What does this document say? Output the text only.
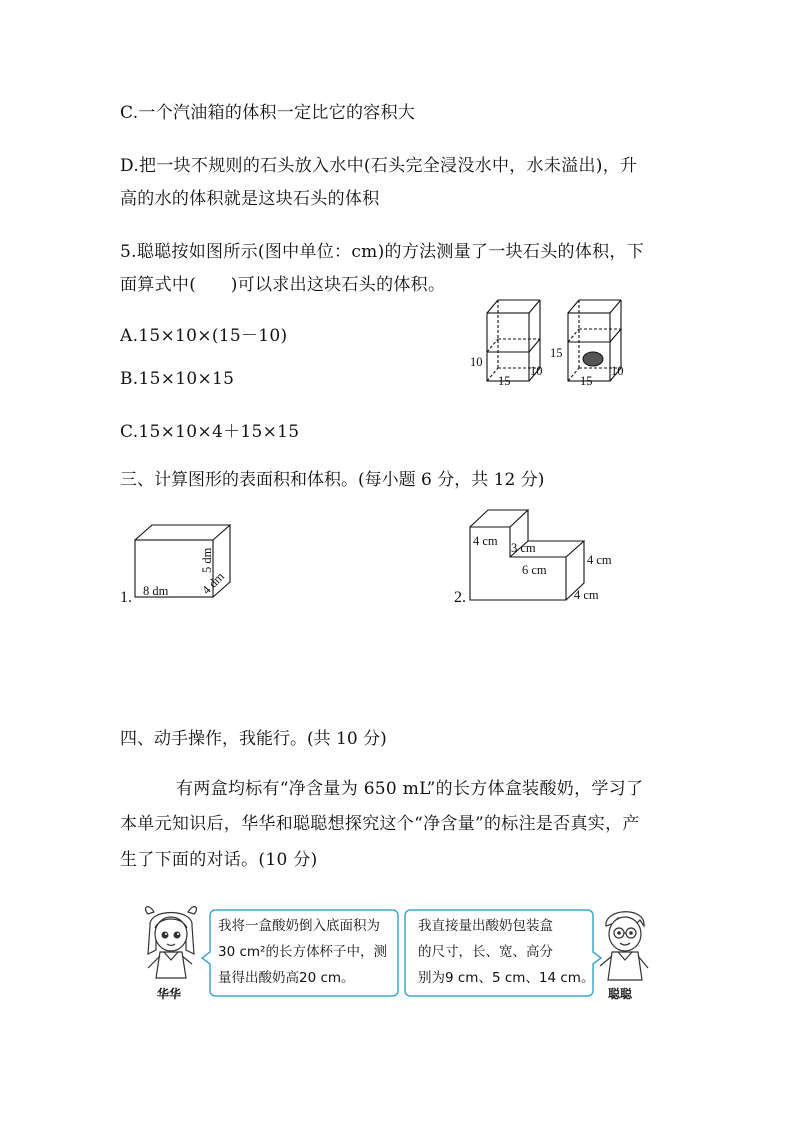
C.一个汽油箱的体积一定比它的容积大
D.把一块不规则的石头放入水中(石头完全浸没水中，水未溢出)，升
高的水的体积就是这块石头的体积
5.聪聪按如图所示(图中单位：cm)的方法测量了一块石头的体积，下
面算式中(　　)可以求出这块石头的体积。
A.15×10×(15－10)
B.15×10×15
C.15×10×4＋15×15
10
15
10
15
15
10
三、计算图形的表面积和体积。(每小题 6 分，共 12 分)
1. 8 dm
5 dm
4 dm
2.
4 cm 3 cm
6 cm
4 cm
4 cm
四、动手操作，我能行。(共 10 分)
有两盒均标有“净含量为 650 mL”的长方体盒装酸奶，学习了
本单元知识后，华华和聪聪想探究这个“净含量”的标注是否真实，产
生了下面的对话。(10 分)
华华
我将一盒酸奶倒入底面积为
30 cm²的长方体杯子中，测
量得出酸奶高20 cm。
我直接量出酸奶包装盒
的尺寸，长、宽、高分
别为9 cm、5 cm、14 cm。
聪聪
